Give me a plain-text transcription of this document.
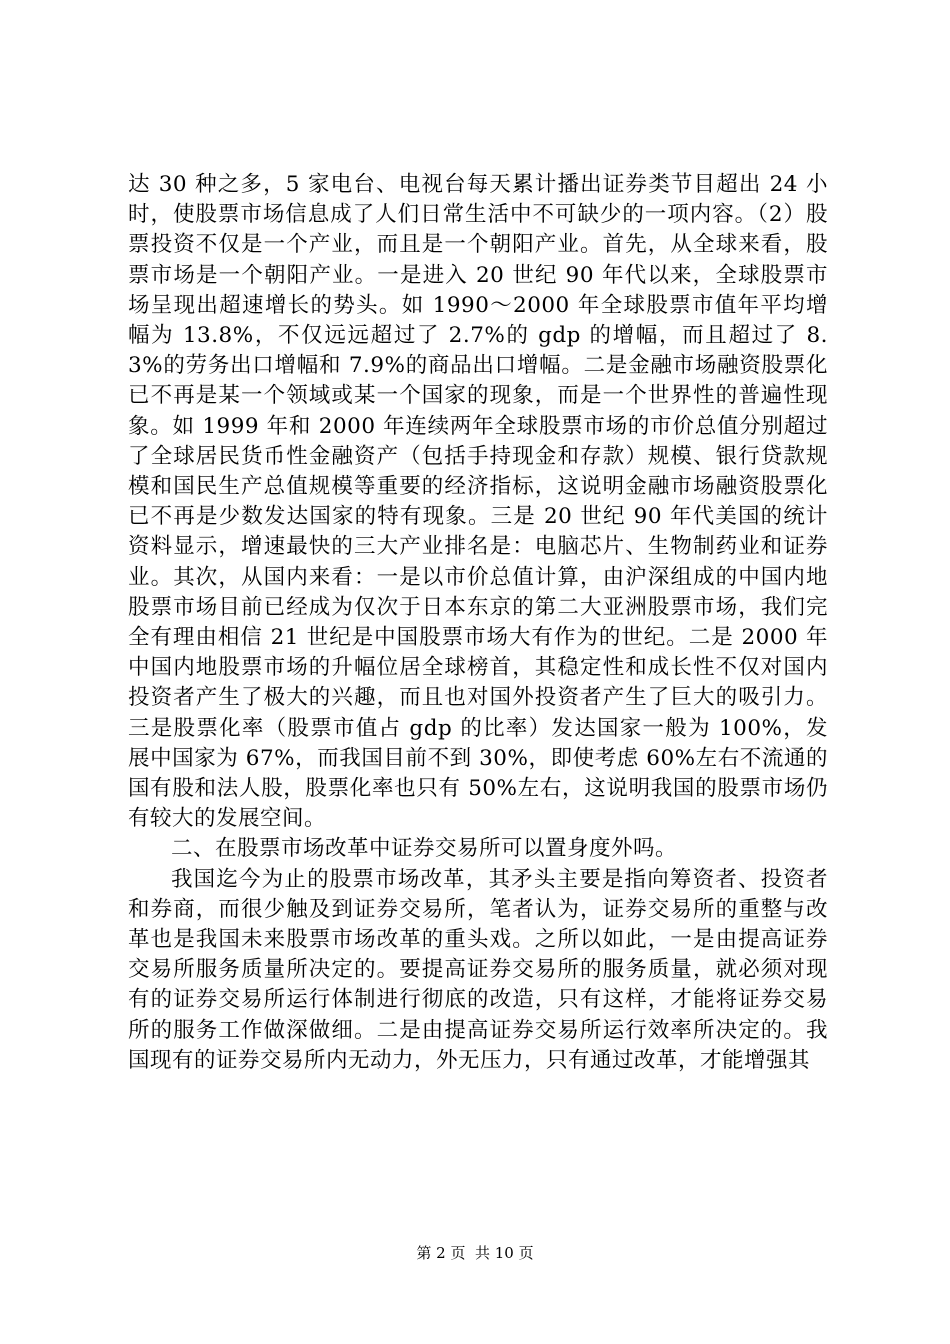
达 30 种之多，5 家电台、电视台每天累计播出证券类节目超出 24 小时，使股票市场信息成了人们日常生活中不可缺少的一项内容。（2）股票投资不仅是一个产业，而且是一个朝阳产业。首先，从全球来看，股票市场是一个朝阳产业。一是进入 20 世纪 90 年代以来，全球股票市场呈现出超速增长的势头。如 1990～2000 年全球股票市值年平均增幅为 13.8%，不仅远远超过了 2.7%的 gdp 的增幅，而且超过了 8.3%的劳务出口增幅和 7.9%的商品出口增幅。二是金融市场融资股票化已不再是某一个领域或某一个国家的现象，而是一个世界性的普遍性现象。如 1999 年和 2000 年连续两年全球股票市场的市价总值分别超过了全球居民货币性金融资产（包括手持现金和存款）规模、银行贷款规模和国民生产总值规模等重要的经济指标，这说明金融市场融资股票化已不再是少数发达国家的特有现象。三是 20 世纪 90 年代美国的统计资料显示，增速最快的三大产业排名是：电脑芯片、生物制药业和证券业。其次，从国内来看：一是以市价总值计算，由沪深组成的中国内地股票市场目前已经成为仅次于日本东京的第二大亚洲股票市场，我们完全有理由相信 21 世纪是中国股票市场大有作为的世纪。二是 2000 年中国内地股票市场的升幅位居全球榜首，其稳定性和成长性不仅对国内投资者产生了极大的兴趣，而且也对国外投资者产生了巨大的吸引力。三是股票化率（股票市值占 gdp 的比率）发达国家一般为 100%，发展中国家为 67%，而我国目前不到 30%，即使考虑 60%左右不流通的国有股和法人股，股票化率也只有 50%左右，这说明我国的股票市场仍有较大的发展空间。

二、在股票市场改革中证券交易所可以置身度外吗。

我国迄今为止的股票市场改革，其矛头主要是指向筹资者、投资者和券商，而很少触及到证券交易所，笔者认为，证券交易所的重整与改革也是我国未来股票市场改革的重头戏。之所以如此，一是由提高证券交易所服务质量所决定的。要提高证券交易所的服务质量，就必须对现有的证券交易所运行体制进行彻底的改造，只有这样，才能将证券交易所的服务工作做深做细。二是由提高证券交易所运行效率所决定的。我国现有的证券交易所内无动力，外无压力，只有通过改革，才能增强其

第 2 页  共 10 页
